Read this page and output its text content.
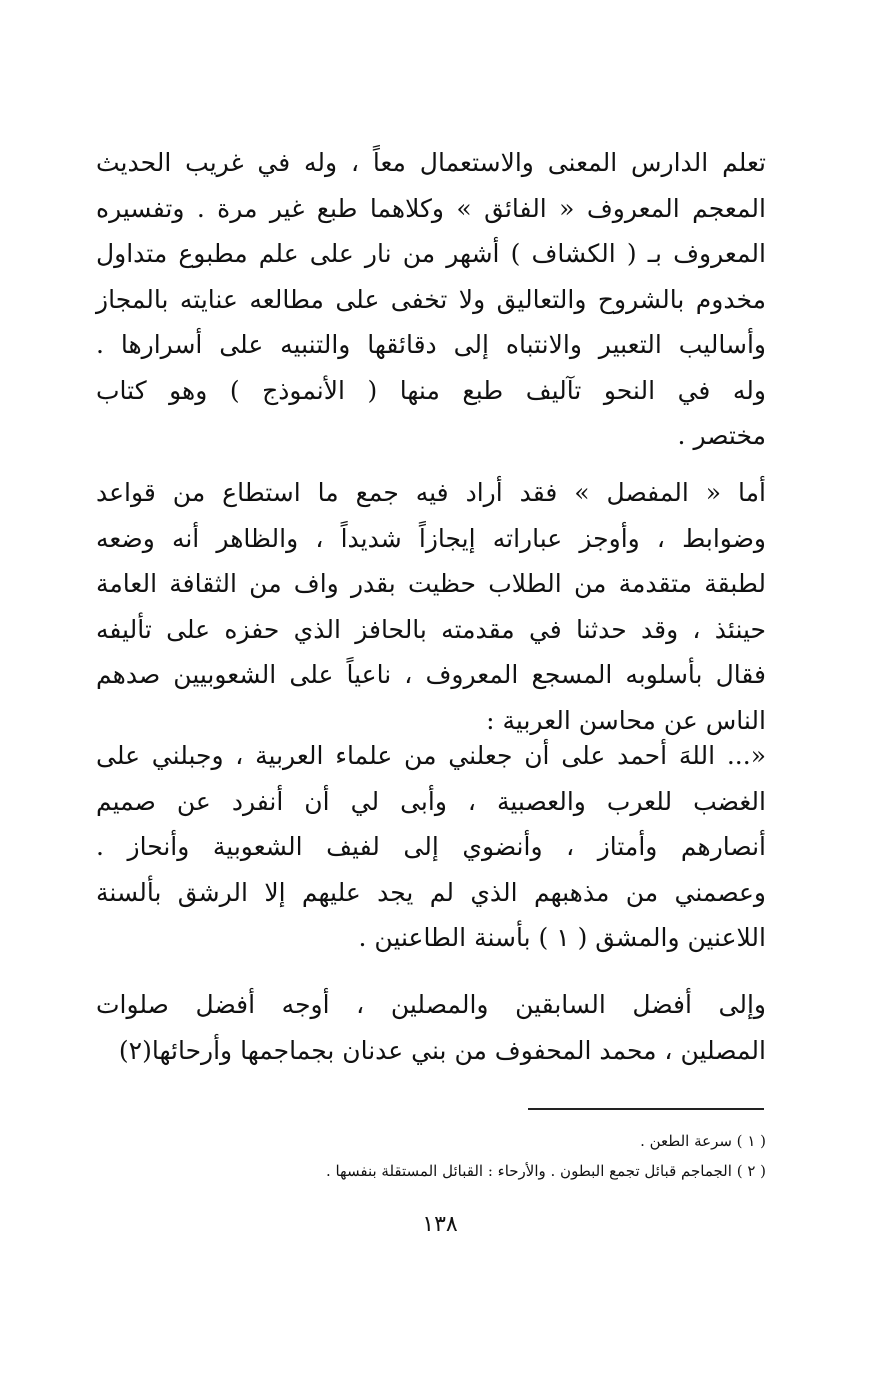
تعلم الدارس المعنى والاستعمال معاً ، وله في غريب الحديث
المعجم المعروف « الفائق » وكلاهما طبع غير مرة . وتفسيره
المعروف بـ ( الكشاف ) أشهر من نار على علم مطبوع متداول
مخدوم بالشروح والتعاليق ولا تخفى على مطالعه عنايته بالمجاز
وأساليب التعبير والانتباه إلى دقائقها والتنبيه على أسرارها .
وله في النحو تآليف طبع منها ( الأنموذج ) وهو كتاب
مختصر .
أما « المفصل » فقد أراد فيه جمع ما استطاع من قواعد
وضوابط ، وأوجز عباراته إيجازاً شديداً ، والظاهر أنه وضعه
لطبقة متقدمة من الطلاب حظيت بقدر واف من الثقافة العامة
حينئذ ، وقد حدثنا في مقدمته بالحافز الذي حفزه على تأليفه
فقال بأسلوبه المسجع المعروف ، ناعياً على الشعوبيين صدهم
الناس عن محاسن العربية :
«... اللهَ أحمد على أن جعلني من علماء العربية ، وجبلني على
الغضب للعرب والعصبية ، وأبى لي أن أنفرد عن صميم
أنصارهم وأمتاز ، وأنضوي إلى لفيف الشعوبية وأنحاز .
وعصمني من مذهبهم الذي لم يجد عليهم إلا الرشق بألسنة
اللاعنين والمشق ( ١ ) بأسنة الطاعنين .
وإلى أفضل السابقين والمصلين ، أوجه أفضل صلوات
المصلين ، محمد المحفوف من بني عدنان بجماجمها وأرحائها(٢)
( ١ ) سرعة الطعن .
( ٢ ) الجماجم قبائل تجمع البطون . والأرحاء : القبائل المستقلة بنفسها .
١٣٨
